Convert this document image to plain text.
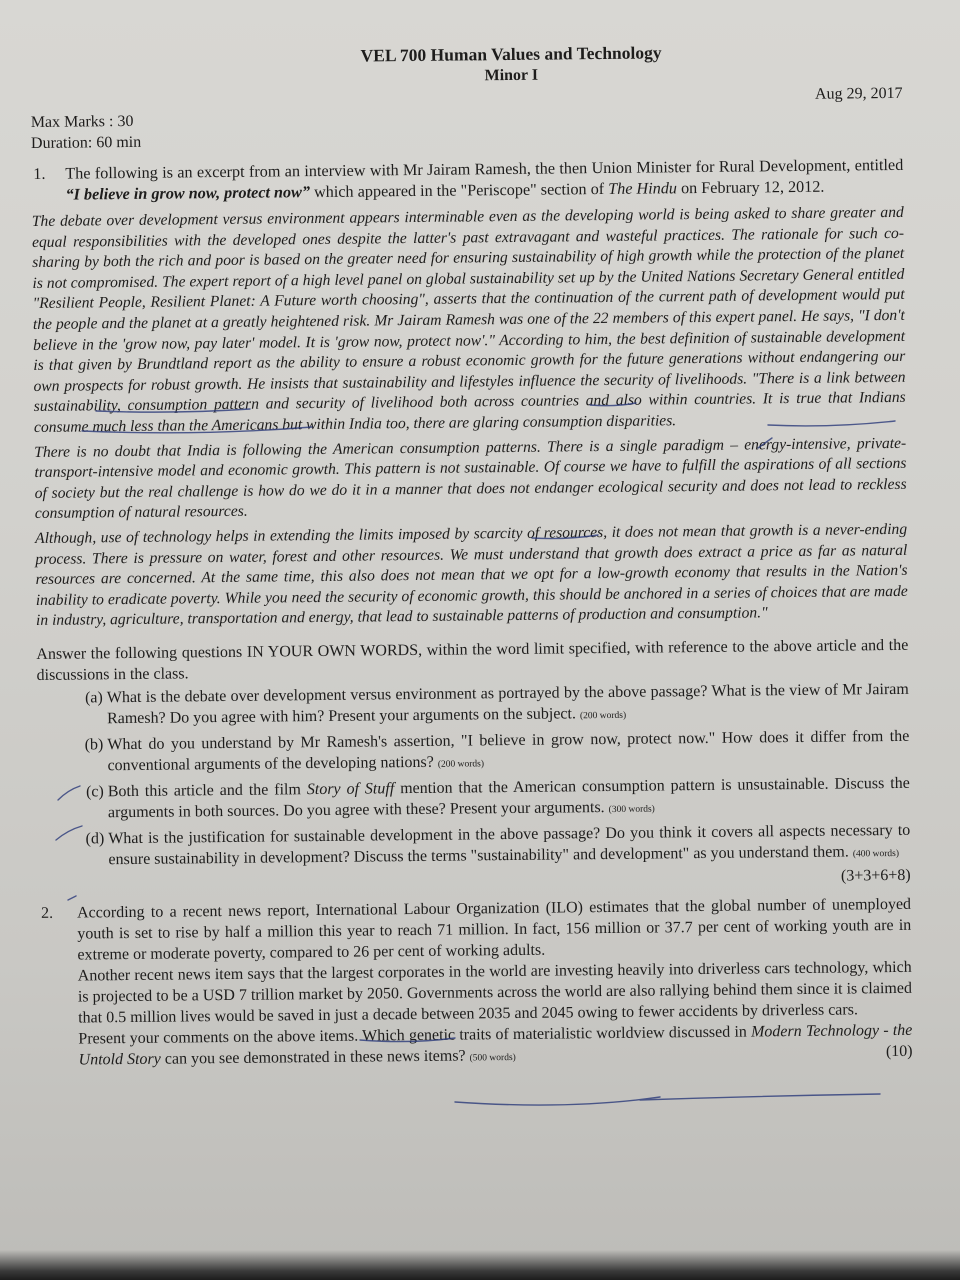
VEL 700 Human Values and Technology
Minor I
Max Marks : 30
Duration: 60 min
Aug 29, 2017
1.	The following is an excerpt from an interview with Mr Jairam Ramesh, the then Union Minister for Rural Development, entitled “I believe in grow now, protect now” which appeared in the "Periscope" section of The Hindu on February 12, 2012.

The debate over development versus environment appears interminable even as the developing world is being asked to share greater and equal responsibilities with the developed ones despite the latter's past extravagant and wasteful practices. The rationale for such co-sharing by both the rich and poor is based on the greater need for ensuring sustainability of high growth while the protection of the planet is not compromised. The expert report of a high level panel on global sustainability set up by the United Nations Secretary General entitled "Resilient People, Resilient Planet: A Future worth choosing", asserts that the continuation of the current path of development would put the people and the planet at a greatly heightened risk. Mr Jairam Ramesh was one of the 22 members of this expert panel. He says, "I don't believe in the 'grow now, pay later' model. It is 'grow now, protect now'." According to him, the best definition of sustainable development is that given by Brundtland report as the ability to ensure a robust economic growth for the future generations without endangering our own prospects for robust growth. He insists that sustainability and lifestyles influence the security of livelihoods. "There is a link between sustainability, consumption pattern and security of livelihood both across countries and also within countries. It is true that Indians consume much less than the Americans but within India too, there are glaring consumption disparities.

There is no doubt that India is following the American consumption patterns. There is a single paradigm – energy-intensive, private-transport-intensive model and economic growth. This pattern is not sustainable. Of course we have to fulfill the aspirations of all sections of society but the real challenge is how do we do it in a manner that does not endanger ecological security and does not lead to reckless consumption of natural resources.

Although, use of technology helps in extending the limits imposed by scarcity of resources, it does not mean that growth is a never-ending process. There is pressure on water, forest and other resources. We must understand that growth does extract a price as far as natural resources are concerned. At the same time, this also does not mean that we opt for a low-growth economy that results in the Nation's inability to eradicate poverty. While you need the security of economic growth, this should be anchored in a series of choices that are made in industry, agriculture, transportation and energy, that lead to sustainable patterns of production and consumption."

Answer the following questions IN YOUR OWN WORDS, within the word limit specified, with reference to the above article and the discussions in the class.
(a) What is the debate over development versus environment as portrayed by the above passage? What is the view of Mr Jairam Ramesh? Do you agree with him? Present your arguments on the subject. (200 words)
(b) What do you understand by Mr Ramesh's assertion, "I believe in grow now, protect now." How does it differ from the conventional arguments of the developing nations? (200 words)
(c) Both this article and the film Story of Stuff mention that the American consumption pattern is unsustainable. Discuss the arguments in both sources. Do you agree with these? Present your arguments. (300 words)
(d) What is the justification for sustainable development in the above passage? Do you think it covers all aspects necessary to ensure sustainability in development? Discuss the terms "sustainability" and development" as you understand them. (400 words)
(3+3+6+8)
2.	According to a recent news report, International Labour Organization (ILO) estimates that the global number of unemployed youth is set to rise by half a million this year to reach 71 million. In fact, 156 million or 37.7 per cent of working youth are in extreme or moderate poverty, compared to 26 per cent of working adults.

Another recent news item says that the largest corporates in the world are investing heavily into driverless cars technology, which is projected to be a USD 7 trillion market by 2050. Governments across the world are also rallying behind them since it is claimed that 0.5 million lives would be saved in just a decade between 2035 and 2045 owing to fewer accidents by driverless cars.

Present your comments on the above items. Which genetic traits of materialistic worldview discussed in Modern Technology - the Untold Story can you see demonstrated in these news items? (500 words)	(10)
